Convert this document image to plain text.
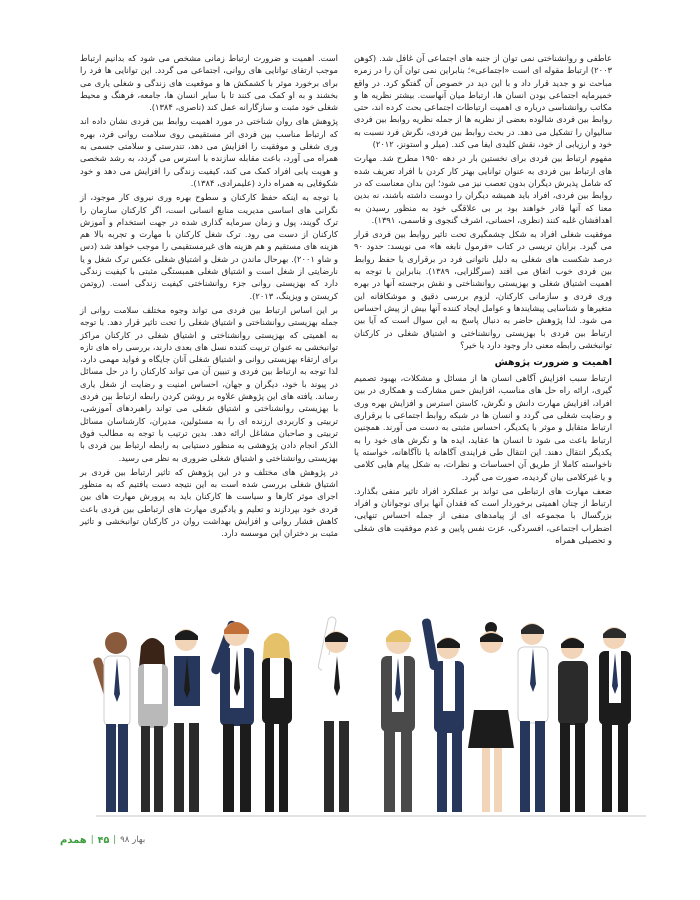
عاطفی و روانشناختی نمی توان از جنبه های اجتماعی آن غافل شد. (کوهن ۲۰۰۳) ارتباط مقوله ای است «اجتماعی»؛ بنابراین نمی توان آن را در زمره مباحث نو و جدید قرار داد و با این دید در خصوص آن گفتگو کرد. در واقع خمیرمایه اجتماعی بودن انسان ها، ارتباط میان آنهاست. بیشتر نظریه ها و مکاتب روانشناسی درباره ی اهمیت ارتباطات اجتماعی بحث کرده اند، حتی روابط بین فردی شالوده بعضی از نظریه ها از جمله نظریه روابط بین فردی سالیوان را تشکیل می دهد. در بحث روابط بین فردی، نگرش فرد نسبت به خود و ارزیابی از خود، نقش کلیدی ایفا می کند. (میلر و استونز، ۲۰۱۲)

مفهوم ارتباط بین فردی برای نخستین بار در دهه ۱۹۵۰ مطرح شد. مهارت های ارتباط بین فردی به عنوان توانایی بهتر کار کردن با افراد تعریف شده که شامل پذیرش دیگران بدون تعصب نیز می شود؛ این بدان معناست که در روابط بین فردی، افراد باید همیشه دیگران را دوست داشته باشند، نه بدین معنا که آنها قادر خواهند بود بر بی علاقگی خود به منظور رسیدن به اهدافشان غلبه کنند (نظری، احسانی، اشرف گنجوی و قاسمی، ۱۳۹۱).

موفقیت شغلی افراد به شکل چشمگیری تحت تاثیر روابط بین فردی قرار می گیرد. برایان تریسی در کتاب «فرمول نابغه ها» می نویسد: حدود ۹۰ درصد شکست های شغلی به دلیل ناتوانی فرد در برقراری یا حفظ روابط بین فردی خوب اتفاق می افتد (سرگلزایی، ۱۳۸۹). بنابراین با توجه به اهمیت اشتیاق شغلی و بهزیستی روانشناختی و نقش برجسته آنها در بهره وری فردی و سازمانی کارکنان، لزوم بررسی دقیق و موشکافانه این متغیرها و شناسایی پیشایندها و عوامل ایجاد کننده آنها بیش از پیش احساس می شود. لذا پژوهش حاضر به دنبال پاسخ به این سوال است که آیا بین ارتباط بین فردی با بهزیستی روانشناختی و اشتیاق شغلی در کارکنان توانبخشی رابطه معنی دار وجود دارد یا خیر؟

اهمیت و ضرورت پژوهش

ارتباط سبب افزایش آگاهی انسان ها از مسائل و مشکلات، بهبود تصمیم گیری، ارائه راه حل های مناسب، افزایش حس مشارکت و همکاری در بین افراد، افزایش مهارت دانش و نگرش، کاستن استرس و افزایش بهره وری و رضایت شغلی می گردد و انسان ها در شبکه روابط اجتماعی با برقراری ارتباط متقابل و موثر با یکدیگر، احساس مثبتی به دست می آورند. همچنین ارتباط باعث می شود تا انسان ها عقاید، ایده ها و نگرش های خود را به یکدیگر انتقال دهند. این انتقال طی فرایندی آگاهانه یا ناآگاهانه، خواسته یا ناخواسته کاملا از طریق آن احساسات و نظرات، به شکل پیام هایی کلامی و یا غیرکلامی بیان گردیده، صورت می گیرد.

ضعف مهارت های ارتباطی می تواند بر عملکرد افراد تاثیر منفی بگذارد. ارتباط از چنان اهمیتی برخوردار است که فقدان آنها برای نوجوانان و افراد بزرگسال با مجموعه ای از پیامدهای منفی از جمله احساس تنهایی، اضطراب اجتماعی، افسردگی، عزت نفس پایین و عدم موفقیت های شغلی و تحصیلی همراه

است. اهمیت و ضرورت ارتباط زمانی مشخص می شود که بدانیم ارتباط موجب ارتقای توانایی های روانی، اجتماعی می گردد. این توانایی ها فرد را برای برخورد موثر با کشمکش ها و موقعیت های زندگی و شغلی یاری می بخشند و به او کمک می کنند تا با سایر انسان ها، جامعه، فرهنگ و محیط شغلی خود مثبت و سازگارانه عمل کند (ناصری، ۱۳۸۴).

پژوهش های روان شناختی در مورد اهمیت روابط بین فردی نشان داده اند که ارتباط مناسب بین فردی اثر مستقیمی روی سلامت روانی فرد، بهره وری شغلی و موفقیت را افزایش می دهد، تندرستی و سلامتی جسمی به همراه می آورد، باعث مقابله سازنده با استرس می گردد، به رشد شخصی و هویت یابی افراد کمک می کند، کیفیت زندگی را افزایش می دهد و خود شکوفایی به همراه دارد (علیمرادی، ۱۳۸۴).

با توجه به اینکه حفظ کارکنان و سطوح بهره وری نیروی کار موجود، از نگرانی های اساسی مدیریت منابع انسانی است، اگر کارکنان سازمان را ترک گویند، پول و زمان سرمایه گذاری شده در جهت استخدام و آموزش کارکنان از دست می رود. ترک شغل کارکنان با مهارت و تجربه بالا هم هزینه های مستقیم و هم هزینه های غیرمستقیمی را موجب خواهد شد (دس و شاو ۲۰۰۱). بهرحال ماندن در شغل و اشتیاق شغلی عکس ترک شغل و یا نارضایتی از شغل است و اشتیاق شغلی همبستگی مثبتی با کیفیت زندگی دارد که بهزیستی روانی جزء روانشناختی کیفیت زندگی است. (روتمن کریستن و ویزینگ، ۲۰۱۳).

بر این اساس ارتباط بین فردی می تواند وجوه مختلف سلامت روانی از جمله بهزیستی روانشناختی و اشتیاق شغلی را تحت تاثیر قرار دهد. با توجه به اهمیتی که بهزیستی روانشناختی و اشتیاق شغلی در کارکنان مراکز توانبخشی به عنوان تربیت کننده نسل های بعدی دارند، بررسی راه های تازه برای ارتقاء بهزیستی روانی و اشتیاق شغلی آنان جایگاه و فواید مهمی دارد، لذا توجه به ارتباط بین فردی و تبیین آن می تواند کارکنان را در حل مسائل در پیوند با خود، دیگران و جهان، احساس امنیت و رضایت از شغل یاری رساند. یافته های این پژوهش علاوه بر روشن کردن رابطه ارتباط بین فردی با بهزیستی روانشناختی و اشتیاق شغلی می تواند راهبردهای آموزشی، تربیتی و کاربردی ارزنده ای را به مسئولین، مدیران، کارشناسان مسائل تربیتی و صاحبان مشاغل ارائه دهد. بدین ترتیب با توجه به مطالب فوق الذکر انجام دادن پژوهشی به منظور دستیابی به رابطه ارتباط بین فردی با بهزیستی روانشناختی و اشتیاق شغلی ضروری به نظر می رسید.

در پژوهش های مختلف و در این پژوهش که تاثیر ارتباط بین فردی بر اشتیاق شغلی بررسی شده است به این نتیجه دست یافتیم که به منظور اجرای موثر کارها و سیاست ها کارکنان باید به پرورش مهارت های بین فردی خود بپردازند و تعلیم و یادگیری مهارت های ارتباطی بین فردی باعث کاهش فشار روانی و افزایش بهداشت روان در کارکنان توانبخشی و تاثیر مثبت بر دختران این موسسه دارد.

بهار ۹۸
|
۴۵
|
همدم
